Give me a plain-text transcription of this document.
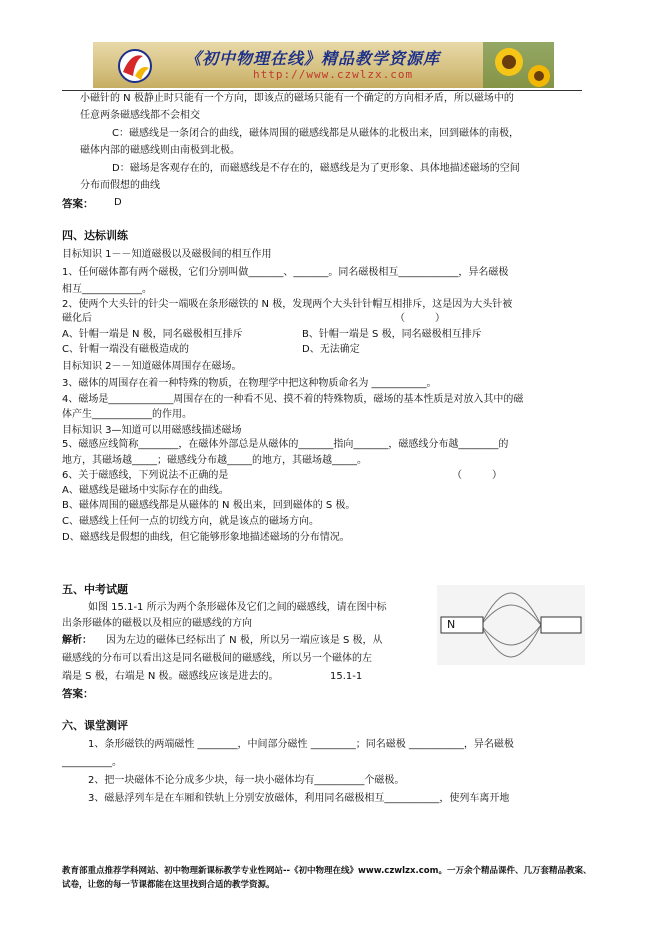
《初中物理在线》精品教学资源库
http://www.czwlzx.com
小磁针的 N 极静止时只能有一个方向，即该点的磁场只能有一个确定的方向相矛盾，所以磁场中的
任意两条磁感线都不会相交
C：磁感线是一条闭合的曲线，磁体周围的磁感线都是从磁体的北极出来，回到磁体的南极，
磁体内部的磁感线则由南极到北极。
D：磁场是客观存在的，而磁感线是不存在的，磁感线是为了更形象、具体地描述磁场的空间
分布而假想的曲线
答案： D
四、达标训练
目标知识 1－－知道磁极以及磁极间的相互作用
1、任何磁体都有两个磁极，它们分别叫做_______、_______。同名磁极相互____________，异名磁极
相互____________。
2、使两个大头针的针尖一端吸在条形磁铁的 N 极，发现两个大头针针帽互相排斥，这是因为大头针被
磁化后	（　　　）
A、针帽一端是 N 极，同名磁极相互排斥	B、针帽一端是 S 极，同名磁极相互排斥
C、针帽一端没有磁极造成的	D、无法确定
目标知识 2－－知道磁体周围存在磁场。
3、磁体的周围存在着一种特殊的物质，在物理学中把这种物质命名为 ___________。
4、磁场是_____________周围存在的一种看不见、摸不着的特殊物质，磁场的基本性质是对放入其中的磁
体产生____________的作用。
目标知识 3—知道可以用磁感线描述磁场
5、磁感应线简称________，在磁体外部总是从磁体的_______指向_______，磁感线分布越________的
地方，其磁场越_____；磁感线分布越_____的地方，其磁场越_____。
6、关于磁感线，下列说法不正确的是	（　　　）
A、磁感线是磁场中实际存在的曲线。
B、磁体周围的磁感线都是从磁体的 N 极出来，回到磁体的 S 极。
C、磁感线上任何一点的切线方向，就是该点的磁场方向。
D、磁感线是假想的曲线，但它能够形象地描述磁场的分布情况。
五、中考试题
如图 15.1-1 所示为两个条形磁体及它们之间的磁感线，请在图中标
出条形磁体的磁极以及相应的磁感线的方向
解析： 因为左边的磁体已经标出了 N 极，所以另一端应该是 S 极，从
磁感线的分布可以看出这是同名磁极间的磁感线，所以另一个磁体的左
端是 S 极，右端是 N 极。磁感线应该是进去的。	15.1-1
答案：
N
六、课堂测评
1、条形磁铁的两端磁性 ________，中间部分磁性 _________；同名磁极 ___________，异名磁极
__________。
2、把一块磁体不论分成多少块，每一块小磁体均有__________个磁极。
3、磁悬浮列车是在车厢和铁轨上分别安放磁体，利用同名磁极相互___________，使列车离开地
教育部重点推荐学科网站、初中物理新课标教学专业性网站--《初中物理在线》www.czwlzx.com。一万余个精品课件、几万套精品教案、试卷，让您的每一节课都能在这里找到合适的教学资源。
